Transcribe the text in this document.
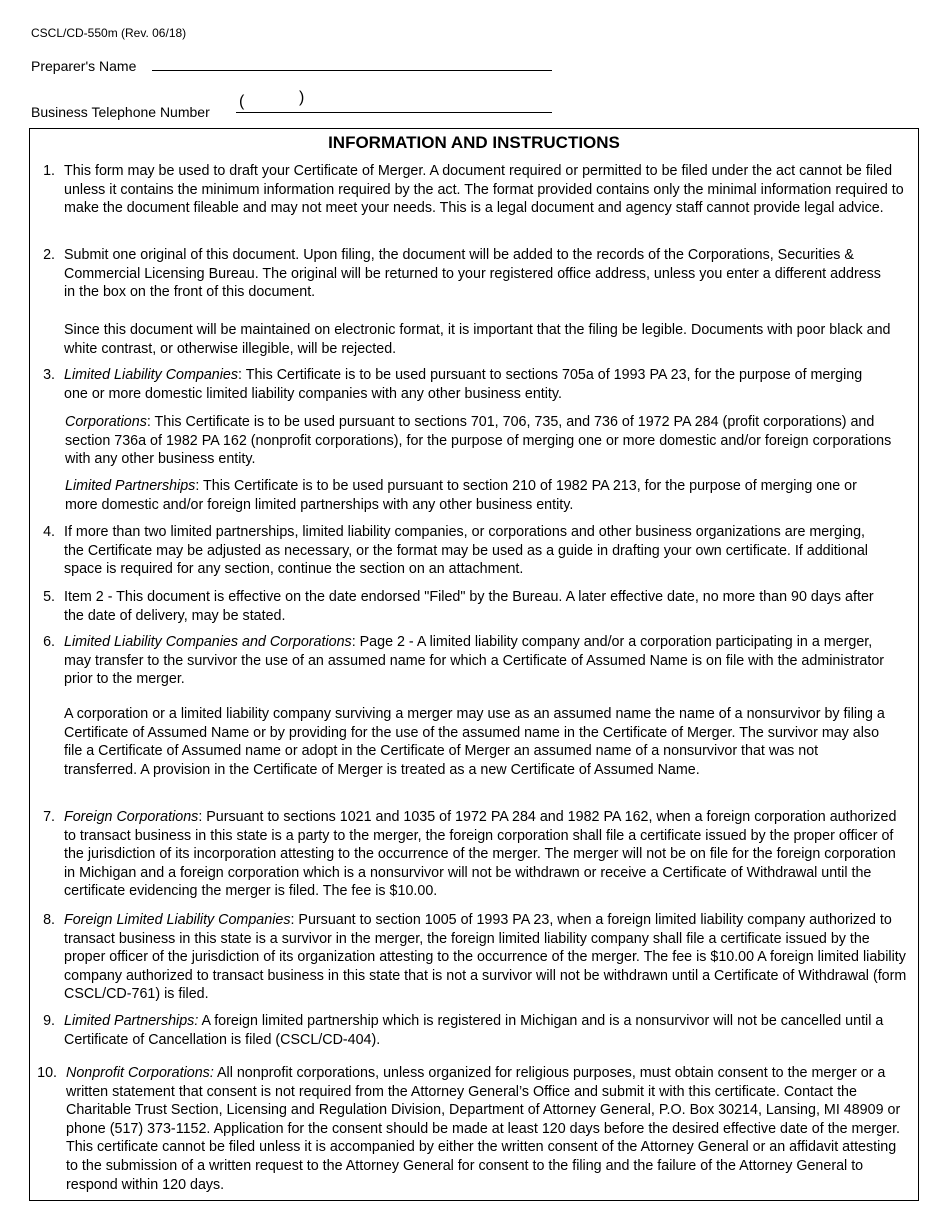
CSCL/CD-550m (Rev. 06/18)
Preparer's Name
Business Telephone Number
(	)
INFORMATION AND INSTRUCTIONS
1. This form may be used to draft your Certificate of Merger. A document required or permitted to be filed under the act cannot be filed unless it contains the minimum information required by the act. The format provided contains only the minimal information required to make the document fileable and may not meet your needs. This is a legal document and agency staff cannot provide legal advice.
2. Submit one original of this document. Upon filing, the document will be added to the records of the Corporations, Securities & Commercial Licensing Bureau. The original will be returned to your registered office address, unless you enter a different address in the box on the front of this document.
Since this document will be maintained on electronic format, it is important that the filing be legible. Documents with poor black and white contrast, or otherwise illegible, will be rejected.
3. Limited Liability Companies: This Certificate is to be used pursuant to sections 705a of 1993 PA 23, for the purpose of merging one or more domestic limited liability companies with any other business entity.
Corporations: This Certificate is to be used pursuant to sections 701, 706, 735, and 736 of 1972 PA 284 (profit corporations) and section 736a of 1982 PA 162 (nonprofit corporations), for the purpose of merging one or more domestic and/or foreign corporations with any other business entity.
Limited Partnerships: This Certificate is to be used pursuant to section 210 of 1982 PA 213, for the purpose of merging one or more domestic and/or foreign limited partnerships with any other business entity.
4. If more than two limited partnerships, limited liability companies, or corporations and other business organizations are merging, the Certificate may be adjusted as necessary, or the format may be used as a guide in drafting your own certificate. If additional space is required for any section, continue the section on an attachment.
5. Item 2 - This document is effective on the date endorsed "Filed" by the Bureau. A later effective date, no more than 90 days after the date of delivery, may be stated.
6. Limited Liability Companies and Corporations: Page 2 - A limited liability company and/or a corporation participating in a merger, may transfer to the survivor the use of an assumed name for which a Certificate of Assumed Name is on file with the administrator prior to the merger.
A corporation or a limited liability company surviving a merger may use as an assumed name the name of a nonsurvivor by filing a Certificate of Assumed Name or by providing for the use of the assumed name in the Certificate of Merger. The survivor may also file a Certificate of Assumed name or adopt in the Certificate of Merger an assumed name of a nonsurvivor that was not transferred. A provision in the Certificate of Merger is treated as a new Certificate of Assumed Name.
7. Foreign Corporations: Pursuant to sections 1021 and 1035 of 1972 PA 284 and 1982 PA 162, when a foreign corporation authorized to transact business in this state is a party to the merger, the foreign corporation shall file a certificate issued by the proper officer of the jurisdiction of its incorporation attesting to the occurrence of the merger. The merger will not be on file for the foreign corporation in Michigan and a foreign corporation which is a nonsurvivor will not be withdrawn or receive a Certificate of Withdrawal until the certificate evidencing the merger is filed. The fee is $10.00.
8. Foreign Limited Liability Companies: Pursuant to section 1005 of 1993 PA 23, when a foreign limited liability company authorized to transact business in this state is a survivor in the merger, the foreign limited liability company shall file a certificate issued by the proper officer of the jurisdiction of its organization attesting to the occurrence of the merger. The fee is $10.00 A foreign limited liability company authorized to transact business in this state that is not a survivor will not be withdrawn until a Certificate of Withdrawal (form CSCL/CD-761) is filed.
9. Limited Partnerships: A foreign limited partnership which is registered in Michigan and is a nonsurvivor will not be cancelled until a Certificate of Cancellation is filed (CSCL/CD-404).
10. Nonprofit Corporations: All nonprofit corporations, unless organized for religious purposes, must obtain consent to the merger or a written statement that consent is not required from the Attorney General’s Office and submit it with this certificate. Contact the Charitable Trust Section, Licensing and Regulation Division, Department of Attorney General, P.O. Box 30214, Lansing, MI 48909 or phone (517) 373-1152. Application for the consent should be made at least 120 days before the desired effective date of the merger. This certificate cannot be filed unless it is accompanied by either the written consent of the Attorney General or an affidavit attesting to the submission of a written request to the Attorney General for consent to the filing and the failure of the Attorney General to respond within 120 days.
